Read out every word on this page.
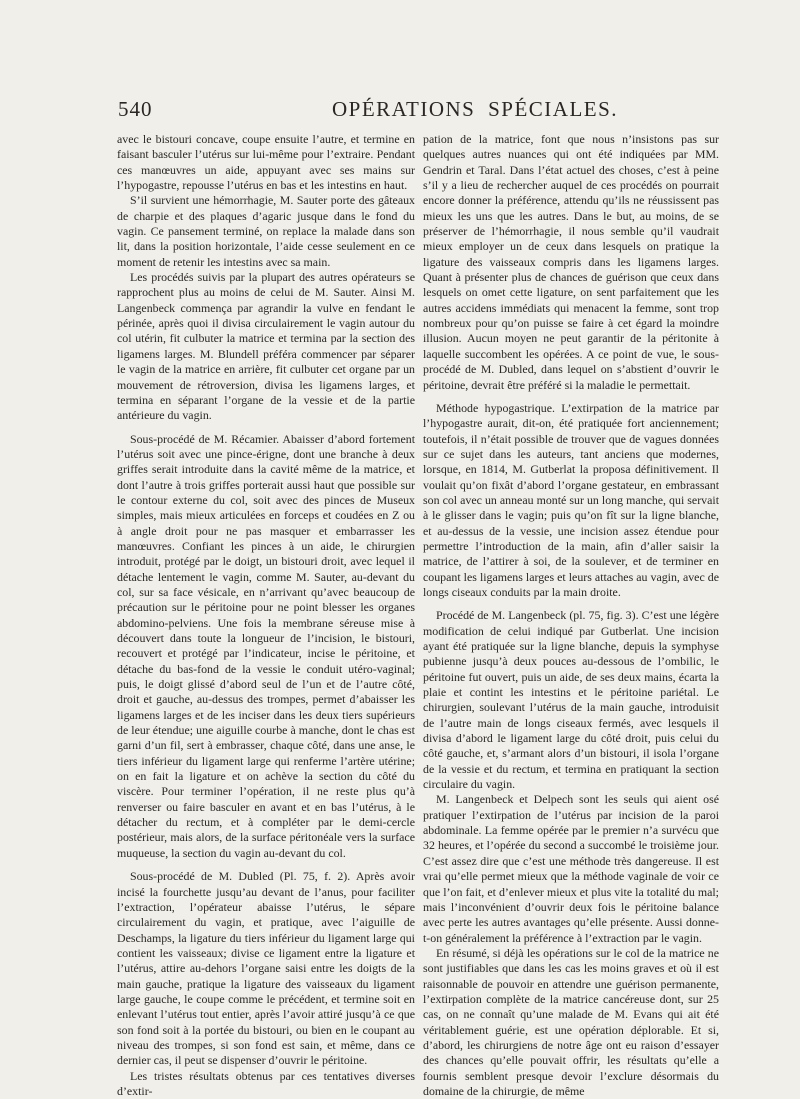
540	OPÉRATIONS SPÉCIALES.

avec le bistouri concave, coupe ensuite l’autre, et termine en faisant basculer l’utérus sur lui-même pour l’extraire. Pendant ces manœuvres un aide, appuyant avec ses mains sur l’hypogastre, repousse l’utérus en bas et les intestins en haut.

S’il survient une hémorrhagie, M. Sauter porte des gâteaux de charpie et des plaques d’agaric jusque dans le fond du vagin. Ce pansement terminé, on replace la malade dans son lit, dans la position horizontale, l’aide cesse seulement en ce moment de retenir les intestins avec sa main.

Les procédés suivis par la plupart des autres opérateurs se rapprochent plus au moins de celui de M. Sauter. Ainsi M. Langenbeck commença par agrandir la vulve en fendant le périnée, après quoi il divisa circulairement le vagin autour du col utérin, fit culbuter la matrice et termina par la section des ligamens larges. M. Blundell préféra commencer par séparer le vagin de la matrice en arrière, fit culbuter cet organe par un mouvement de rétroversion, divisa les ligamens larges, et termina en séparant l’organe de la vessie et de la partie antérieure du vagin.

Sous-procédé de M. Récamier. Abaisser d’abord fortement l’utérus soit avec une pince-érigne, dont une branche à deux griffes serait introduite dans la cavité même de la matrice, et dont l’autre à trois griffes porterait aussi haut que possible sur le contour externe du col, soit avec des pinces de Museux simples, mais mieux articulées en forceps et coudées en Z ou à angle droit pour ne pas masquer et embarrasser les manœuvres. Confiant les pinces à un aide, le chirurgien introduit, protégé par le doigt, un bistouri droit, avec lequel il détache lentement le vagin, comme M. Sauter, au-devant du col, sur sa face vésicale, en n’arrivant qu’avec beaucoup de précaution sur le péritoine pour ne point blesser les organes abdomino-pelviens. Une fois la membrane séreuse mise à découvert dans toute la longueur de l’incision, le bistouri, recouvert et protégé par l’indicateur, incise le péritoine, et détache du bas-fond de la vessie le conduit utéro-vaginal; puis, le doigt glissé d’abord seul de l’un et de l’autre côté, droit et gauche, au-dessus des trompes, permet d’abaisser les ligamens larges et de les inciser dans les deux tiers supérieurs de leur étendue; une aiguille courbe à manche, dont le chas est garni d’un fil, sert à embrasser, chaque côté, dans une anse, le tiers inférieur du ligament large qui renferme l’artère utérine; on en fait la ligature et on achève la section du côté du viscère. Pour terminer l’opération, il ne reste plus qu’à renverser ou faire basculer en avant et en bas l’utérus, à le détacher du rectum, et à compléter par le demi-cercle postérieur, mais alors, de la surface péritonéale vers la surface muqueuse, la section du vagin au-devant du col.

Sous-procédé de M. Dubled (Pl. 75, f. 2). Après avoir incisé la fourchette jusqu’au devant de l’anus, pour faciliter l’extraction, l’opérateur abaisse l’utérus, le sépare circulairement du vagin, et pratique, avec l’aiguille de Deschamps, la ligature du tiers inférieur du ligament large qui contient les vaisseaux; divise ce ligament entre la ligature et l’utérus, attire au-dehors l’organe saisi entre les doigts de la main gauche, pratique la ligature des vaisseaux du ligament large gauche, le coupe comme le précédent, et termine soit en enlevant l’utérus tout entier, après l’avoir attiré jusqu’à ce que son fond soit à la portée du bistouri, ou bien en le coupant au niveau des trompes, si son fond est sain, et même, dans ce dernier cas, il peut se dispenser d’ouvrir le péritoine.

Les tristes résultats obtenus par ces tentatives diverses d’extir-

pation de la matrice, font que nous n’insistons pas sur quelques autres nuances qui ont été indiquées par MM. Gendrin et Taral. Dans l’état actuel des choses, c’est à peine s’il y a lieu de rechercher auquel de ces procédés on pourrait encore donner la préférence, attendu qu’ils ne réussissent pas mieux les uns que les autres. Dans le but, au moins, de se préserver de l’hémorrhagie, il nous semble qu’il vaudrait mieux employer un de ceux dans lesquels on pratique la ligature des vaisseaux compris dans les ligamens larges. Quant à présenter plus de chances de guérison que ceux dans lesquels on omet cette ligature, on sent parfaitement que les autres accidens immédiats qui menacent la femme, sont trop nombreux pour qu’on puisse se faire à cet égard la moindre illusion. Aucun moyen ne peut garantir de la péritonite à laquelle succombent les opérées. A ce point de vue, le sous-procédé de M. Dubled, dans lequel on s’abstient d’ouvrir le péritoine, devrait être préféré si la maladie le permettait.

Méthode hypogastrique. L’extirpation de la matrice par l’hypogastre aurait, dit-on, été pratiquée fort anciennement; toutefois, il n’était possible de trouver que de vagues données sur ce sujet dans les auteurs, tant anciens que modernes, lorsque, en 1814, M. Gutberlat la proposa définitivement. Il voulait qu’on fixât d’abord l’organe gestateur, en embrassant son col avec un anneau monté sur un long manche, qui servait à le glisser dans le vagin; puis qu’on fît sur la ligne blanche, et au-dessus de la vessie, une incision assez étendue pour permettre l’introduction de la main, afin d’aller saisir la matrice, de l’attirer à soi, de la soulever, et de terminer en coupant les ligamens larges et leurs attaches au vagin, avec de longs ciseaux conduits par la main droite.

Procédé de M. Langenbeck (pl. 75, fig. 3). C’est une légère modification de celui indiqué par Gutberlat. Une incision ayant été pratiquée sur la ligne blanche, depuis la symphyse pubienne jusqu’à deux pouces au-dessous de l’ombilic, le péritoine fut ouvert, puis un aide, de ses deux mains, écarta la plaie et contint les intestins et le péritoine pariétal. Le chirurgien, soulevant l’utérus de la main gauche, introduisit de l’autre main de longs ciseaux fermés, avec lesquels il divisa d’abord le ligament large du côté droit, puis celui du côté gauche, et, s’armant alors d’un bistouri, il isola l’organe de la vessie et du rectum, et termina en pratiquant la section circulaire du vagin.

M. Langenbeck et Delpech sont les seuls qui aient osé pratiquer l’extirpation de l’utérus par incision de la paroi abdominale. La femme opérée par le premier n’a survécu que 32 heures, et l’opérée du second a succombé le troisième jour. C’est assez dire que c’est une méthode très dangereuse. Il est vrai qu’elle permet mieux que la méthode vaginale de voir ce que l’on fait, et d’enlever mieux et plus vite la totalité du mal; mais l’inconvénient d’ouvrir deux fois le péritoine balance avec perte les autres avantages qu’elle présente. Aussi donne-t-on généralement la préférence à l’extraction par le vagin.

En résumé, si déjà les opérations sur le col de la matrice ne sont justifiables que dans les cas les moins graves et où il est raisonnable de pouvoir en attendre une guérison permanente, l’extirpation complète de la matrice cancéreuse dont, sur 25 cas, on ne connaît qu’une malade de M. Evans qui ait été véritablement guérie, est une opération déplorable. Et si, d’abord, les chirurgiens de notre âge ont eu raison d’essayer des chances qu’elle pouvait offrir, les résultats qu’elle a fournis semblent presque devoir l’exclure désormais du domaine de la chirurgie, de même
